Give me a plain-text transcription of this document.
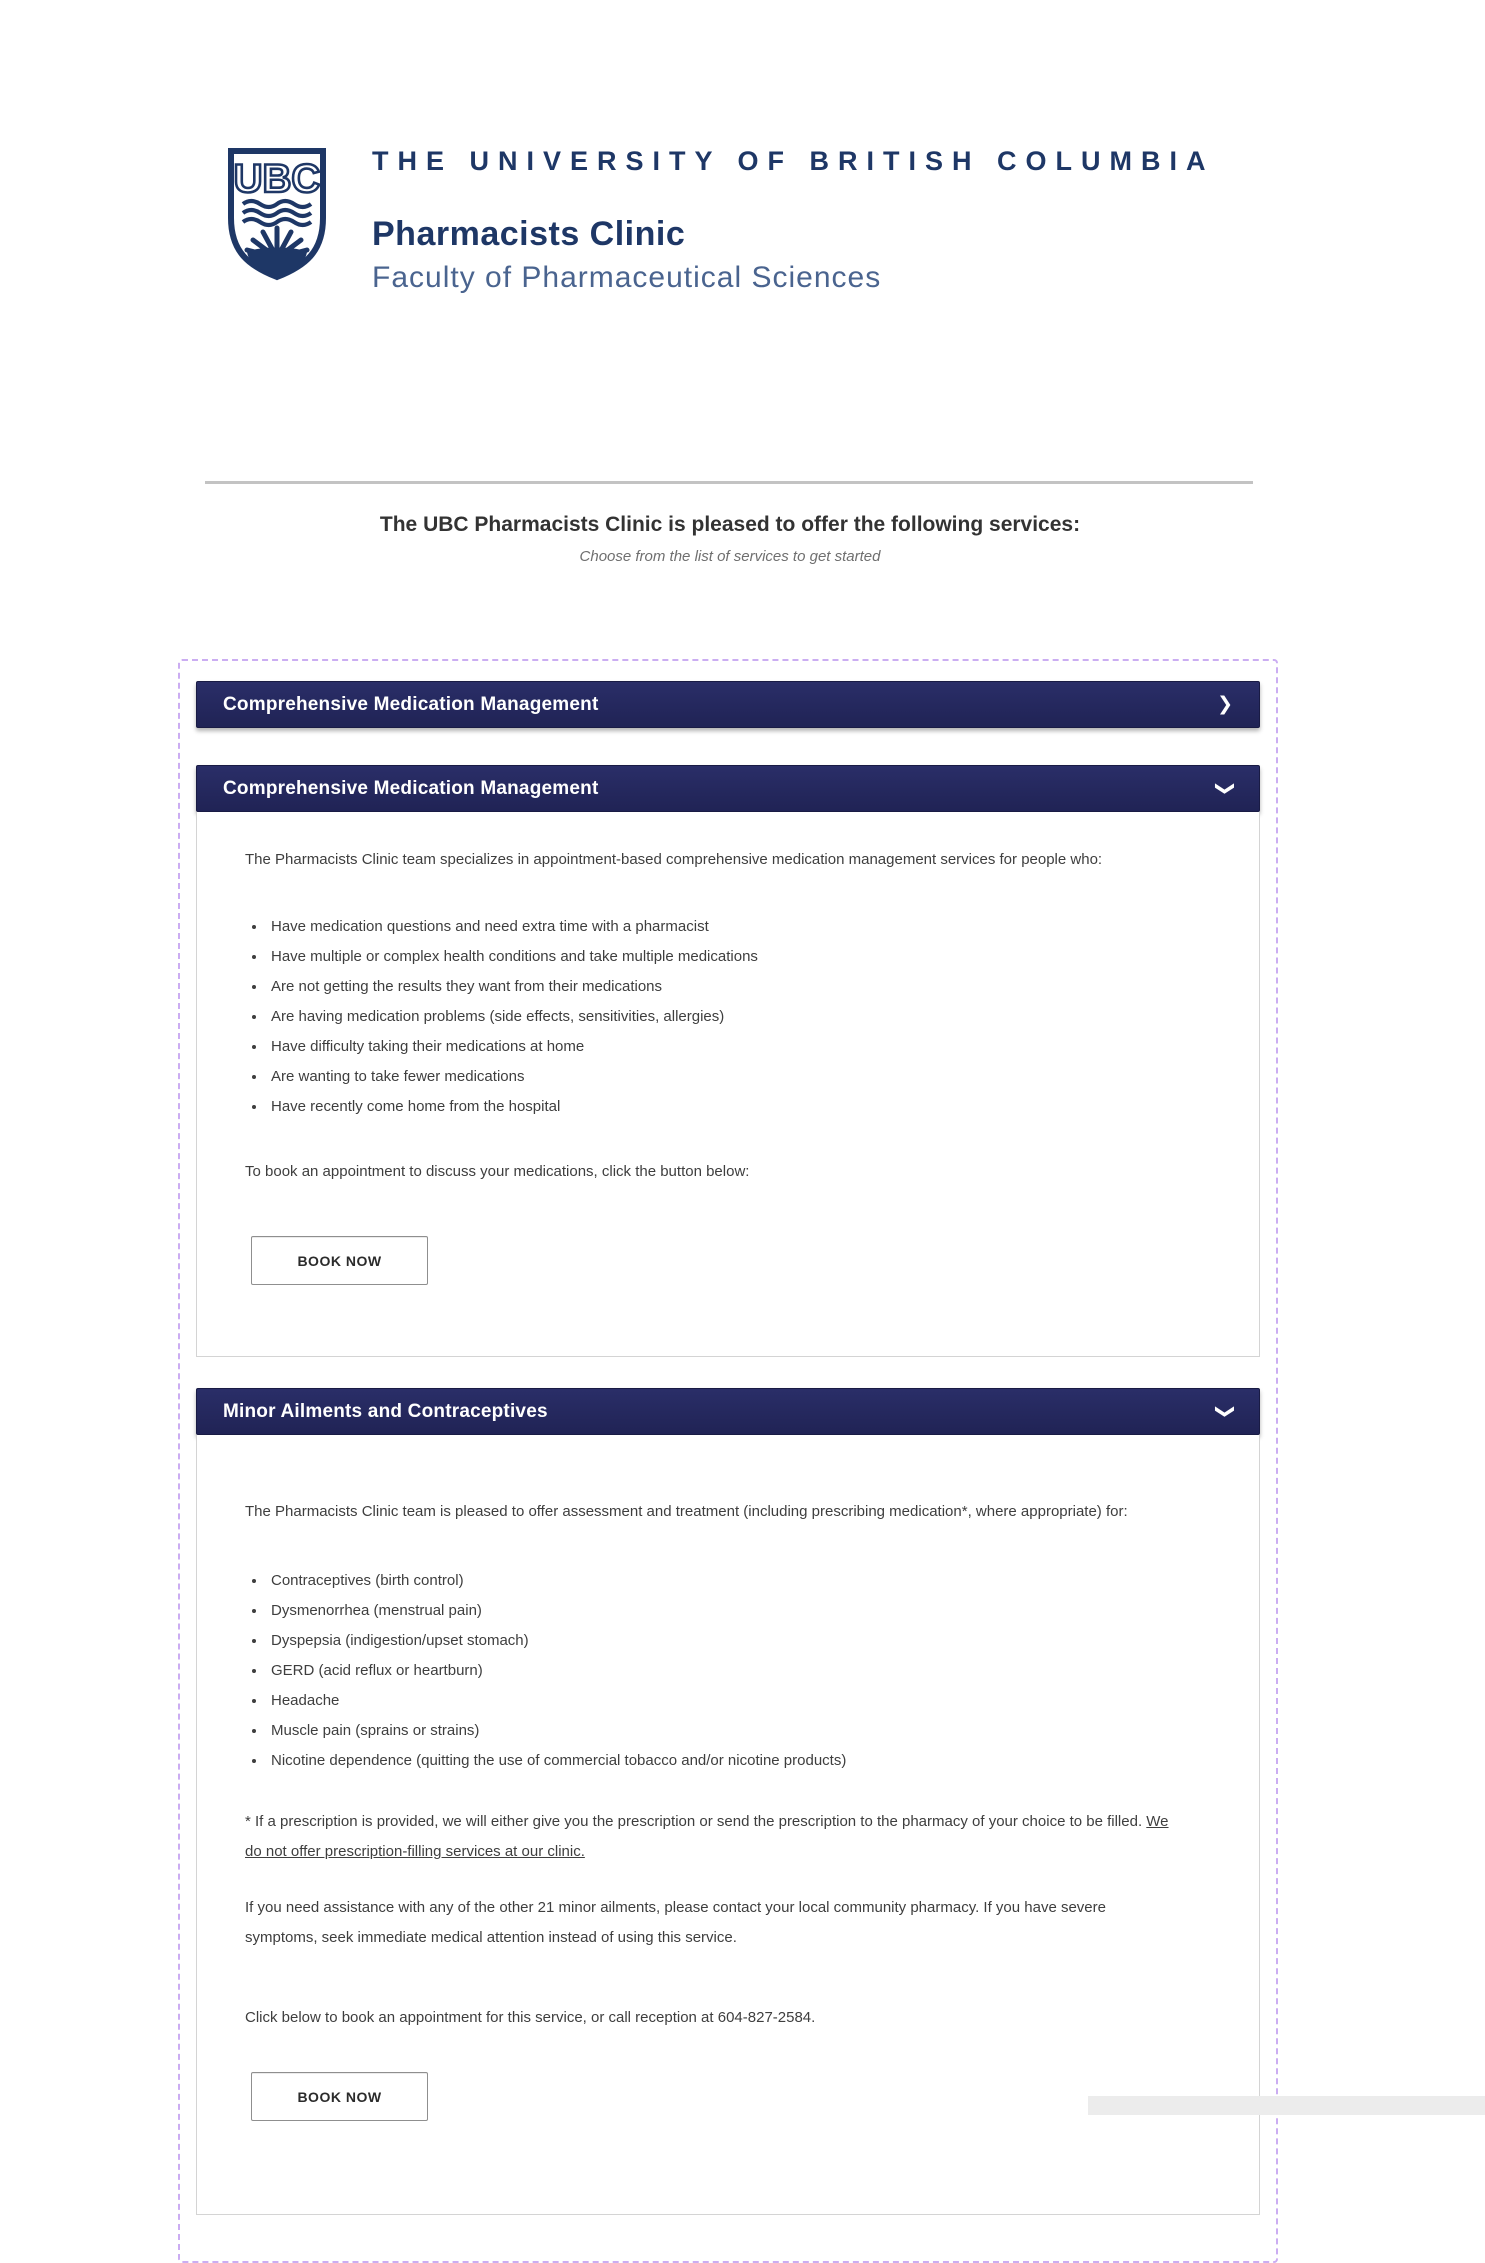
UBC THE UNIVERSITY OF BRITISH COLUMBIA
Pharmacists Clinic
Faculty of Pharmaceutical Sciences
The UBC Pharmacists Clinic is pleased to offer the following services:
Choose from the list of services to get started
Comprehensive Medication Management	❯
Comprehensive Medication Management	❯

The Pharmacists Clinic team specializes in appointment-based comprehensive medication management services for people who:

• Have medication questions and need extra time with a pharmacist
• Have multiple or complex health conditions and take multiple medications
• Are not getting the results they want from their medications
• Are having medication problems (side effects, sensitivities, allergies)
• Have difficulty taking their medications at home
• Are wanting to take fewer medications
• Have recently come home from the hospital

To book an appointment to discuss your medications, click the button below:

BOOK NOW
Minor Ailments and Contraceptives	❯

The Pharmacists Clinic team is pleased to offer assessment and treatment (including prescribing medication*, where appropriate) for:

• Contraceptives (birth control)
• Dysmenorrhea (menstrual pain)
• Dyspepsia (indigestion/upset stomach)
• GERD (acid reflux or heartburn)
• Headache
• Muscle pain (sprains or strains)
• Nicotine dependence (quitting the use of commercial tobacco and/or nicotine products)

* If a prescription is provided, we will either give you the prescription or send the prescription to the pharmacy of your choice to be filled. We do not offer prescription-filling services at our clinic.

If you need assistance with any of the other 21 minor ailments, please contact your local community pharmacy. If you have severe symptoms, seek immediate medical attention instead of using this service.

Click below to book an appointment for this service, or call reception at 604-827-2584.

BOOK NOW
